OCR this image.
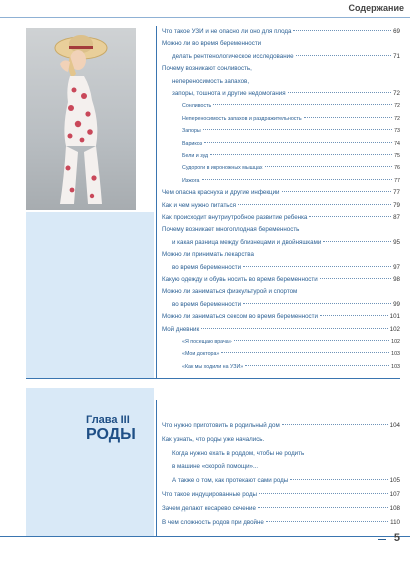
Содержание
Что такое УЗИ и не опасно ли оно для плода	69
Можно ли во время беременности
делать рентгенологическое исследование	71
Почему возникают сонливость,
непереносимость запахов,
запоры, тошнота и другие недомогания	72
Сонливость	72
Непереносимость запахов и раздражительность	72
Запоры	73
Варикоз	74
Бели и зуд	75
Судороги в икроножных мышцах	76
Изжога	77
Чем опасна краснуха и другие инфекции	77
Как и чем нужно питаться	79
Как происходит внутриутробное развитие ребенка	87
Почему возникает многоплодная беременность
и какая разница между близнецами и двойняшками	95
Можно ли принимать лекарства
во время беременности	97
Какую одежду и обувь носить во время беременности	98
Можно ли заниматься физкультурой и спортом
во время беременности	99
Можно ли заниматься сексом во время беременности	101
Мой дневник	102
«Я посещаю врача»	102
«Мои доктора»	103
«Как мы ходили на УЗИ»	103
Глава III
РОДЫ
Что нужно приготовить в родильный дом	104
Как узнать, что роды уже начались.
Когда нужно ехать в роддом, чтобы не родить
в машине «скорой помощи»...
А также о том, как протекают сами роды	105
Что такое индуцированные роды	107
Зачем делают кесарево сечение	108
В чем сложность родов при двойне	110
5
